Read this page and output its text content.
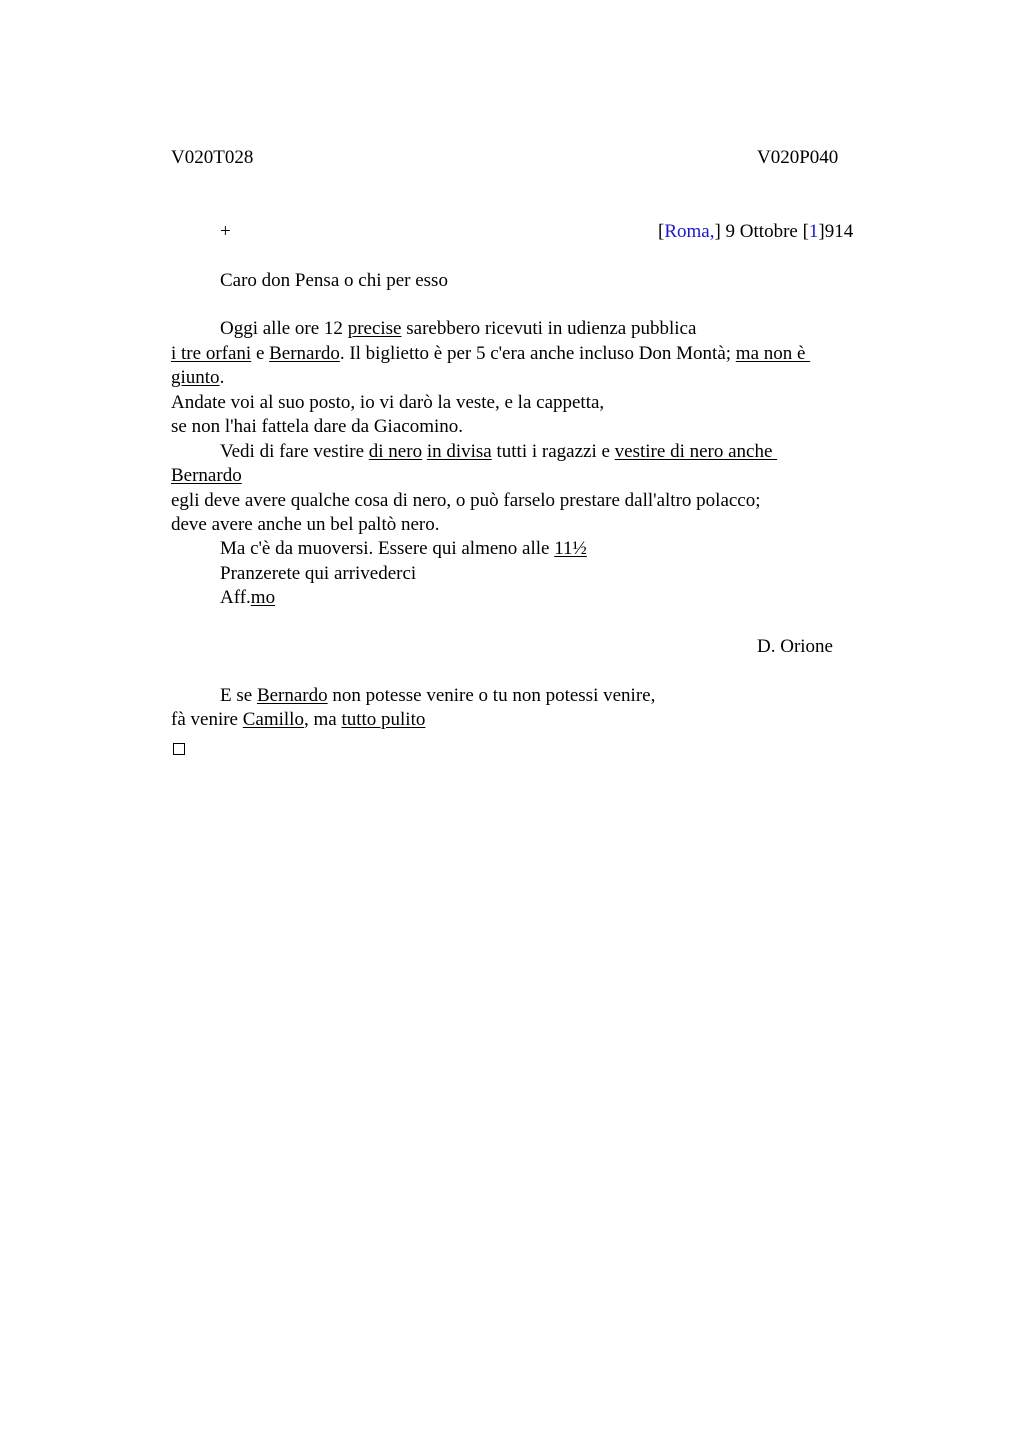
V020T028	V020P040
+	[Roma,] 9 Ottobre [1]914
Caro don Pensa o chi per esso
Oggi alle ore 12 precise sarebbero ricevuti in udienza pubblica
i tre orfani e Bernardo. Il biglietto è per 5 c'era anche incluso Don Montà; ma non è
giunto.
Andate voi al suo posto, io vi darò la veste, e la cappetta,
se non l'hai fattela dare da Giacomino.
Vedi di fare vestire di nero in divisa tutti i ragazzi e vestire di nero anche
Bernardo
egli deve avere qualche cosa di nero, o può farselo prestare dall'altro polacco;
deve avere anche un bel paltò nero.
Ma c'è da muoversi. Essere qui almeno alle 11½
Pranzerete qui arrivederci
Aff.mo
D. Orione
E se Bernardo non potesse venire o tu non potessi venire,
fà venire Camillo, ma tutto pulito
